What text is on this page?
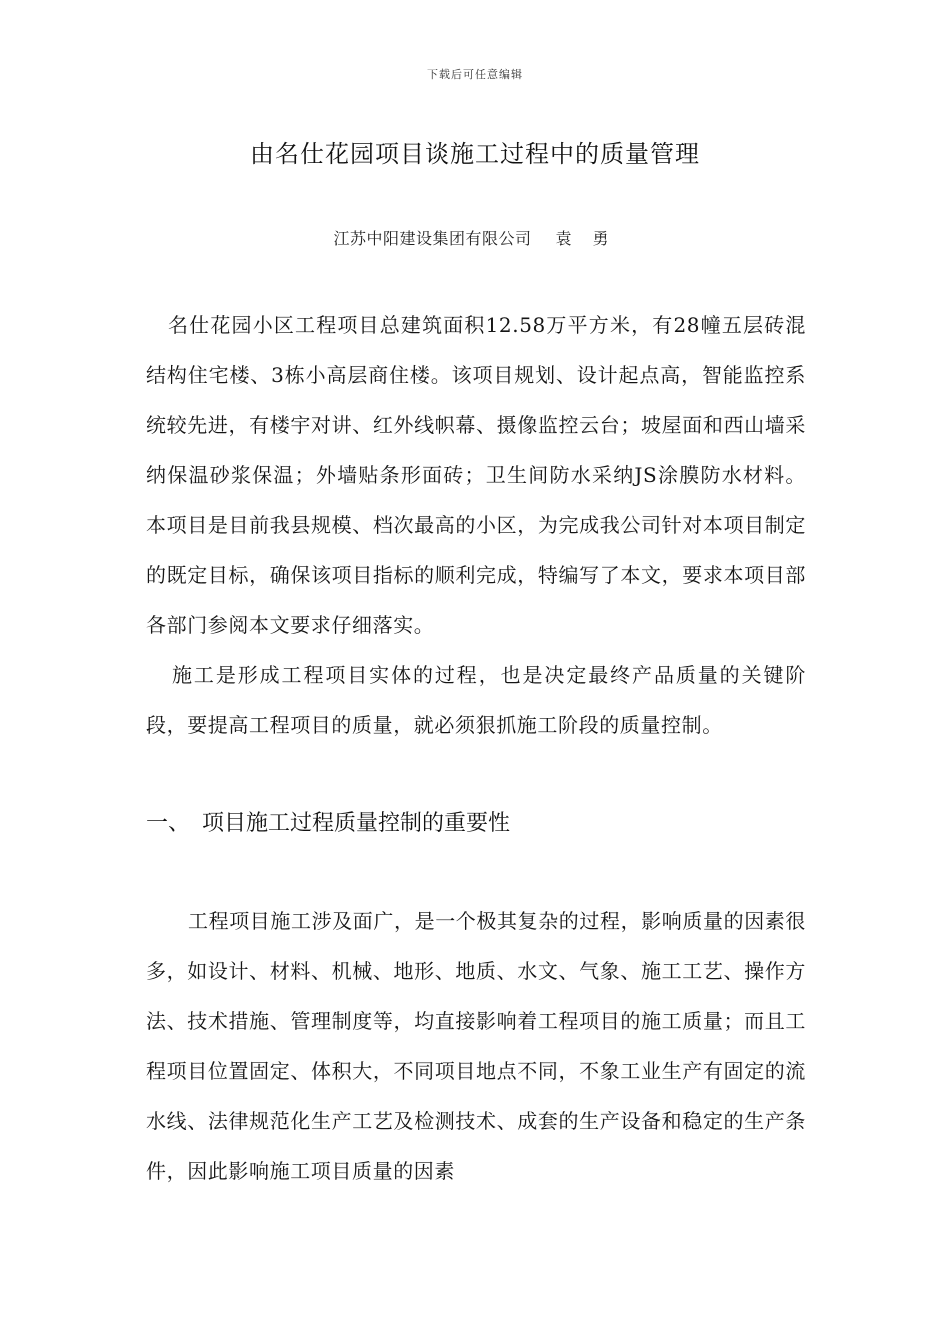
下载后可任意编辑
由名仕花园项目谈施工过程中的质量管理
江苏中阳建设集团有限公司 袁 勇
名仕花园小区工程项目总建筑面积12.58万平方米，有28幢五层砖混结构住宅楼、3栋小高层商住楼。该项目规划、设计起点高，智能监控系统较先进，有楼宇对讲、红外线帜幕、摄像监控云台；坡屋面和西山墙采纳保温砂浆保温；外墙贴条形面砖；卫生间防水采纳JS涂膜防水材料。本项目是目前我县规模、档次最高的小区，为完成我公司针对本项目制定的既定目标，确保该项目指标的顺利完成，特编写了本文，要求本项目部各部门参阅本文要求仔细落实。
施工是形成工程项目实体的过程，也是决定最终产品质量的关键阶段，要提高工程项目的质量，就必须狠抓施工阶段的质量控制。
一、 项目施工过程质量控制的重要性
工程项目施工涉及面广，是一个极其复杂的过程，影响质量的因素很多，如设计、材料、机械、地形、地质、水文、气象、施工工艺、操作方法、技术措施、管理制度等，均直接影响着工程项目的施工质量；而且工程项目位置固定、体积大，不同项目地点不同，不象工业生产有固定的流水线、法律规范化生产工艺及检测技术、成套的生产设备和稳定的生产条件，因此影响施工项目质量的因素
